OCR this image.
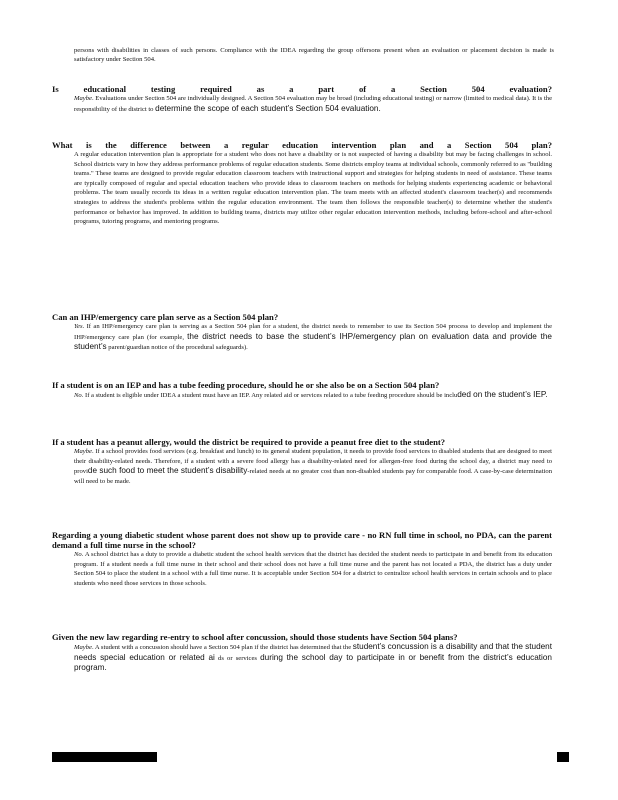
persons with disabilities in classes of such persons. Compliance with the IDEA regarding the group offersons present when an evaluation or placement decision is made is satisfactory under Section 504.

Is educational testing required as a part of a Section 504 evaluation?

Maybe. Evaluations under Section 504 are individually designed. A Section 504 evaluation may be broad (including educational testing) or narrow (limited to medical data). It is the responsibility of the district to determine the scope of each student’s Section 504 evaluation.

What is the difference between a regular education intervention plan and a Section 504 plan?

A regular education intervention plan is appropriate for a student who does not have a disability or is not suspected of having a disability but may be facing challenges in school. School districts vary in how they address performance problems of regular education students. Some districts employ teams at individual schools, commonly referred to as "building teams." These teams are designed to provide regular education classroom teachers with instructional support and strategies for helping students in need of assistance. These teams are typically composed of regular and special education teachers who provide ideas to classroom teachers on methods for helping students experiencing academic or behavioral problems. The team usually records its ideas in a written regular education intervention plan. The team meets with an affected student's classroom teacher(s) and recommends strategies to address the student's problems within the regular education environment. The team then follows the responsible teacher(s) to determine whether the student's performance or behavior has improved. In addition to building teams, districts may utilize other regular education intervention methods, including before-school and after-school programs, tutoring programs, and mentoring programs.

Can an IHP/emergency care plan serve as a Section 504 plan?

Yes. If an IHP/emergency care plan is serving as a Section 504 plan for a student, the district needs to remember to use its Section 504 process to develop and implement the IHP/emergency care plan (for example, the district needs to base the student’s IHP/emergency plan on evaluation data and provide the student’s parent/guardian notice of the procedural safeguards).

If a student is on an IEP and has a tube feeding procedure, should he or she also be on a Section 504 plan?

No. If a student is eligible under IDEA a student must have an IEP. Any related aid or services related to a tube feeding procedure should be included on the student’s IEP.

If a student has a peanut allergy, would the district be required to provide a peanut free diet to the student?

Maybe. If a school provides food services (e.g. breakfast and lunch) to its general student population, it needs to provide food services to disabled students that are designed to meet their disability-related needs. Therefore, if a student with a severe food allergy has a disability-related need for allergen-free food during the school day, a district may need to provide such food to meet the student’s disability-related needs at no greater cost than non-disabled students pay for comparable food. A case-by-case determination will need to be made.

Regarding a young diabetic student whose parent does not show up to provide care - no RN full time in school, no PDA, can the parent demand a full time nurse in the school?

No. A school district has a duty to provide a diabetic student the school health services that the district has decided the student needs to participate in and benefit from its education program. If a student needs a full time nurse in their school and their school does not have a full time nurse and the parent has not located a PDA, the district has a duty under Section 504 to place the student in a school with a full time nurse. It is acceptable under Section 504 for a district to centralize school health services in certain schools and to place students who need those services in those schools.

Given the new law regarding re-entry to school after concussion, should those students have Section 504 plans?

Maybe. A student with a concussion should have a Section 504 plan if the district has determined that the student’s concussion is a disability and that the student needs special education or related ai ds or services during the school day to participate in or benefit from the district’s education program.
